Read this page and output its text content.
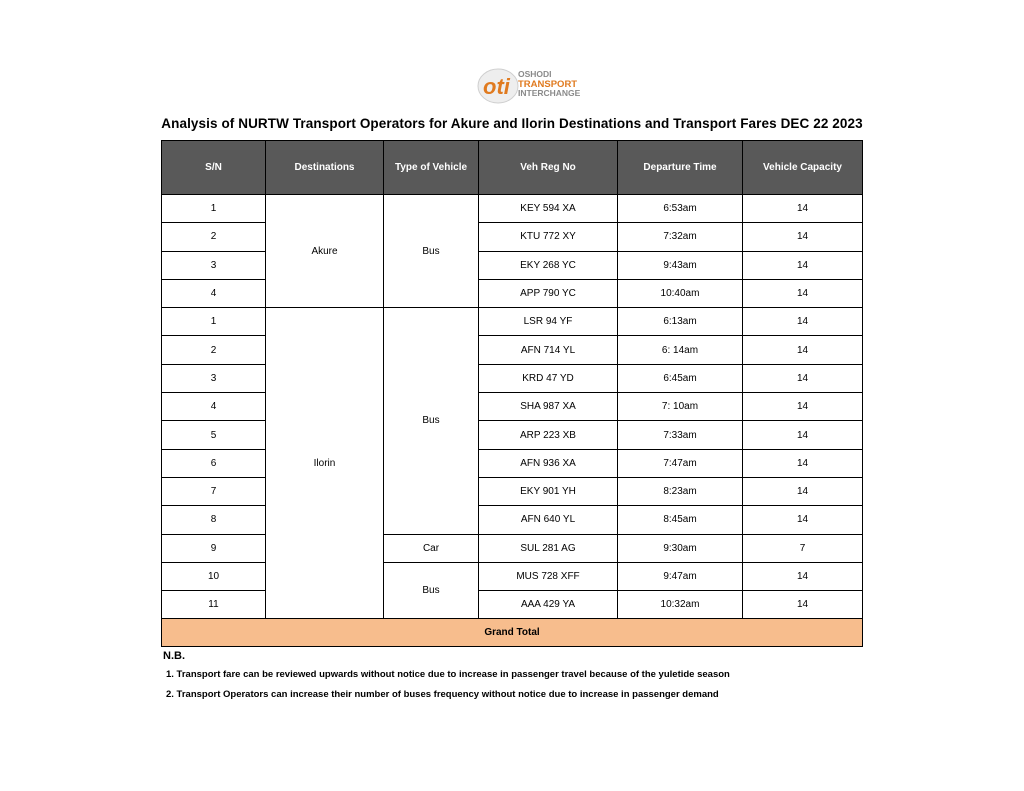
oti OSHODI
TRANSPORT
INTERCHANGE
Analysis of NURTW Transport Operators for Akure and Ilorin Destinations and Transport Fares DEC 22 2023
S/N	Destinations	Type of Vehicle	Veh Reg No	Departure Time	Vehicle Capacity
1	Akure	Bus	KEY 594 XA	6:53am	14
2			KTU 772 XY	7:32am	14
3			EKY 268 YC	9:43am	14
4			APP 790 YC	10:40am	14
1	Ilorin	Bus	LSR 94 YF	6:13am	14
2			AFN 714 YL	6: 14am	14
3			KRD 47 YD	6:45am	14
4			SHA 987 XA	7: 10am	14
5			ARP 223 XB	7:33am	14
6			AFN 936 XA	7:47am	14
7			EKY 901 YH	8:23am	14
8			AFN 640 YL	8:45am	14
9		Car	SUL 281 AG	9:30am	7
10		Bus	MUS 728 XFF	9:47am	14
11			AAA 429 YA	10:32am	14
Grand Total					
N.B.
1. Transport fare can be reviewed upwards without notice due to increase in passenger travel because of the yuletide season
2. Transport Operators can increase their number of buses frequency without notice due to increase in passenger demand
